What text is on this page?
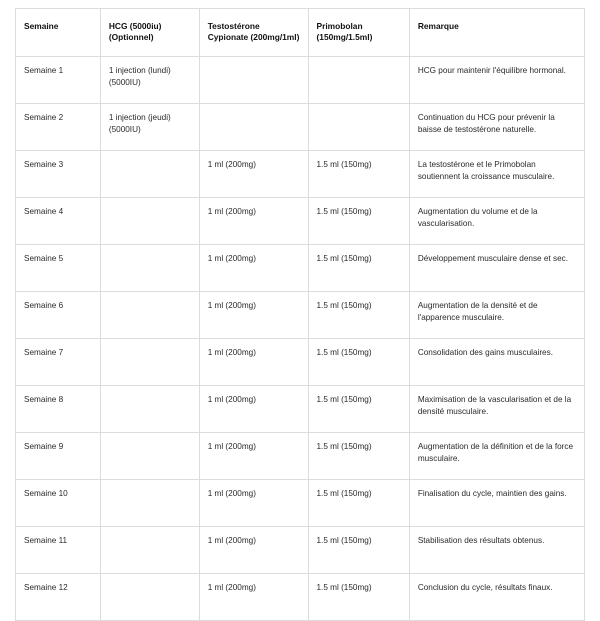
Semaine	HCG (5000iu) (Optionnel)	Testostérone Cypionate (200mg/1ml)	Primobolan (150mg/1.5ml)	Remarque
Semaine 1	1 injection (lundi) (5000IU)			HCG pour maintenir l'équilibre hormonal.
Semaine 2	1 injection (jeudi) (5000IU)			Continuation du HCG pour prévenir la baisse de testostérone naturelle.
Semaine 3		1 ml (200mg)	1.5 ml (150mg)	La testostérone et le Primobolan soutiennent la croissance musculaire.
Semaine 4		1 ml (200mg)	1.5 ml (150mg)	Augmentation du volume et de la vascularisation.
Semaine 5		1 ml (200mg)	1.5 ml (150mg)	Développement musculaire dense et sec.
Semaine 6		1 ml (200mg)	1.5 ml (150mg)	Augmentation de la densité et de l'apparence musculaire.
Semaine 7		1 ml (200mg)	1.5 ml (150mg)	Consolidation des gains musculaires.
Semaine 8		1 ml (200mg)	1.5 ml (150mg)	Maximisation de la vascularisation et de la densité musculaire.
Semaine 9		1 ml (200mg)	1.5 ml (150mg)	Augmentation de la définition et de la force musculaire.
Semaine 10		1 ml (200mg)	1.5 ml (150mg)	Finalisation du cycle, maintien des gains.
Semaine 11		1 ml (200mg)	1.5 ml (150mg)	Stabilisation des résultats obtenus.
Semaine 12		1 ml (200mg)	1.5 ml (150mg)	Conclusion du cycle, résultats finaux.
